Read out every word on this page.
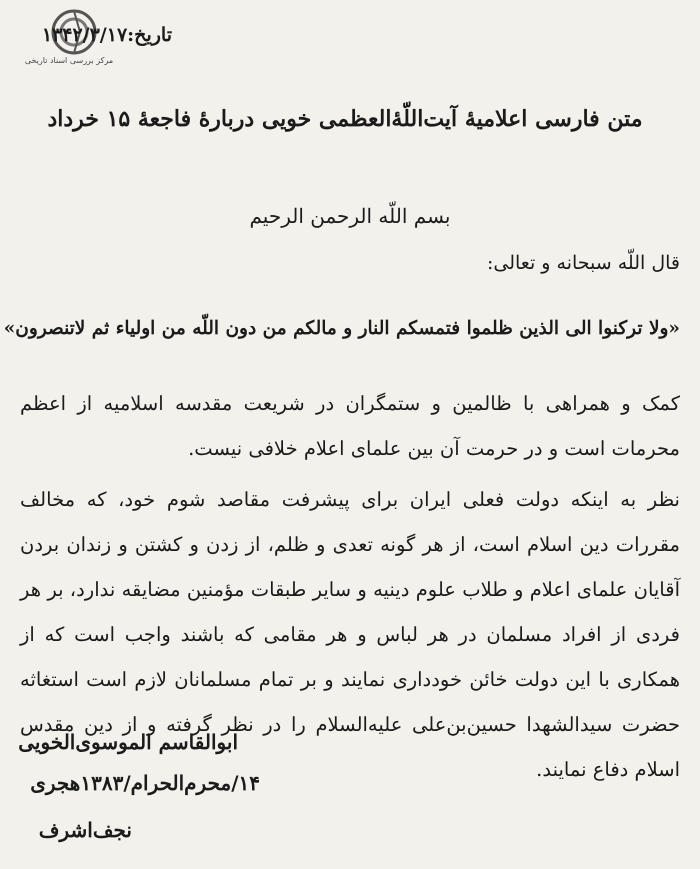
مرکز بررسی اسناد تاریخی
تاریخ:۱۳۴۲/۳/۱۷
متن فارسی اعلامیهٔ آیت‌اللّهٔ‌العظمی خویی دربارهٔ فاجعهٔ ۱۵ خرداد
بسم اللّه الرحمن الرحیم
قال اللّه سبحانه و تعالی:
«ولا ترکنوا الی الذین ظلموا فتمسکم النار و مالکم من دون اللّه من اولیاء ثم لاتنصرون»
کمک و همراهی با ظالمین و ستمگران در شریعت مقدسه اسلامیه از اعظم محرمات است و در حرمت آن بین علمای اعلام خلافی نیست.
نظر به اینکه دولت فعلی ایران برای پیشرفت مقاصد شوم خود، که مخالف مقررات دین اسلام است، از هر گونه تعدی و ظلم، از زدن و کشتن و زندان بردن آقایان علمای اعلام و طلاب علوم دینیه و سایر طبقات مؤمنین مضایقه ندارد، بر هر فردی از افراد مسلمان در هر لباس و هر مقامی که باشند واجب است که از همکاری با این دولت خائن خودداری نمایند و بر تمام مسلمانان لازم است استغاثه حضرت سیدالشهدا حسین‌بن‌علی علیه‌السلام را در نظر گرفته و از دین مقدس اسلام دفاع نمایند.
ابوالقاسم الموسوی‌الخویی
۱۴/محرم‌الحرام/۱۳۸۳هجری
نجف‌اشرف
